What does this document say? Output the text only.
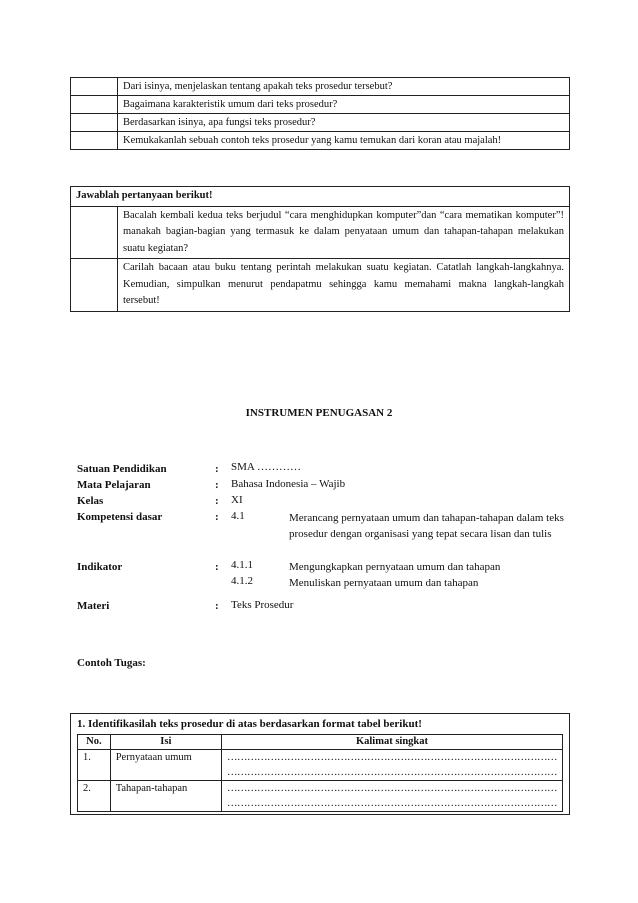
	Dari isinya, menjelaskan tentang apakah teks prosedur tersebut?
	Bagaimana karakteristik umum dari teks prosedur?
	Berdasarkan isinya, apa fungsi teks prosedur?
	Kemukakanlah sebuah contoh teks prosedur yang kamu temukan dari koran atau majalah!
Jawablah pertanyaan berikut!	
	Bacalah kembali kedua teks berjudul “cara menghidupkan komputer”dan “cara mematikan komputer”! manakah bagian-bagian yang termasuk ke dalam penyataan umum dan tahapan-tahapan melakukan suatu kegiatan?
	Carilah bacaan atau buku tentang perintah melakukan suatu kegiatan. Catatlah langkah-langkahnya. Kemudian, simpulkan menurut pendapatmu sehingga kamu memahami makna langkah-langkah tersebut!
INSTRUMEN PENUGASAN 2
Satuan Pendidikan	: SMA …………
Mata Pelajaran	: Bahasa Indonesia – Wajib
Kelas	: XI
Kompetensi dasar	: 4.1	Merancang pernyataan umum dan tahapan-tahapan dalam teks prosedur dengan organisasi yang tepat secara lisan dan tulis
Indikator	: 4.1.1	Mengungkapkan pernyataan umum dan tahapan
4.1.2	Menuliskan pernyataan umum dan tahapan
Materi	: Teks Prosedur
Contoh Tugas:
1. Identifikasilah teks prosedur di atas berdasarkan format tabel berikut!
No.	Isi	Kalimat singkat
1.	Pernyataan umum	………………………………………………………………………………………
………………………………………………………………………………………

2.	Tahapan-tahapan	………………………………………………………………………………………
………………………………………………………………………………………
